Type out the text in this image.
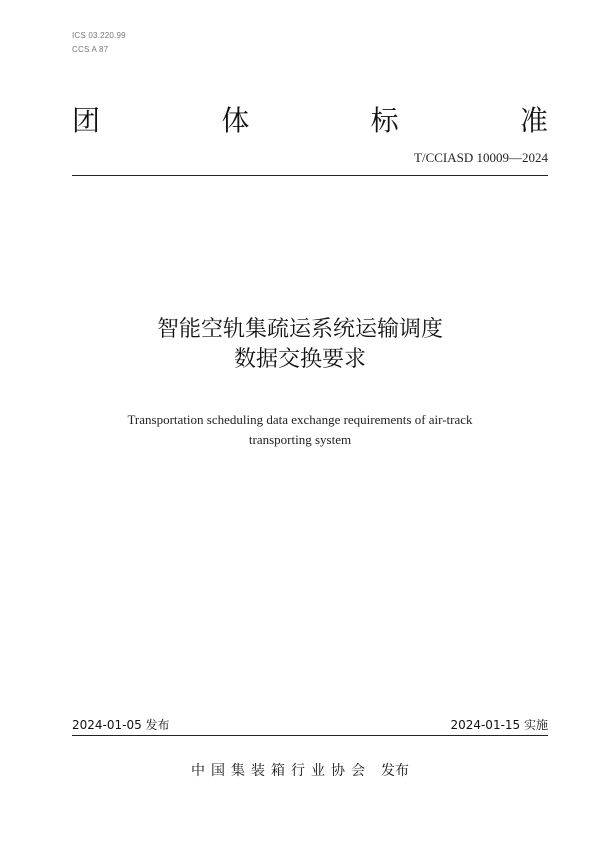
ICS 03.220.99
CCS A 87
团	体	标	准
T/CCIASD 10009—2024
智能空轨集疏运系统运输调度
数据交换要求
Transportation scheduling data exchange requirements of air-track
transporting system
2024-01-05 发布	2024-01-15 实施
中国集装箱行业协会 发布
